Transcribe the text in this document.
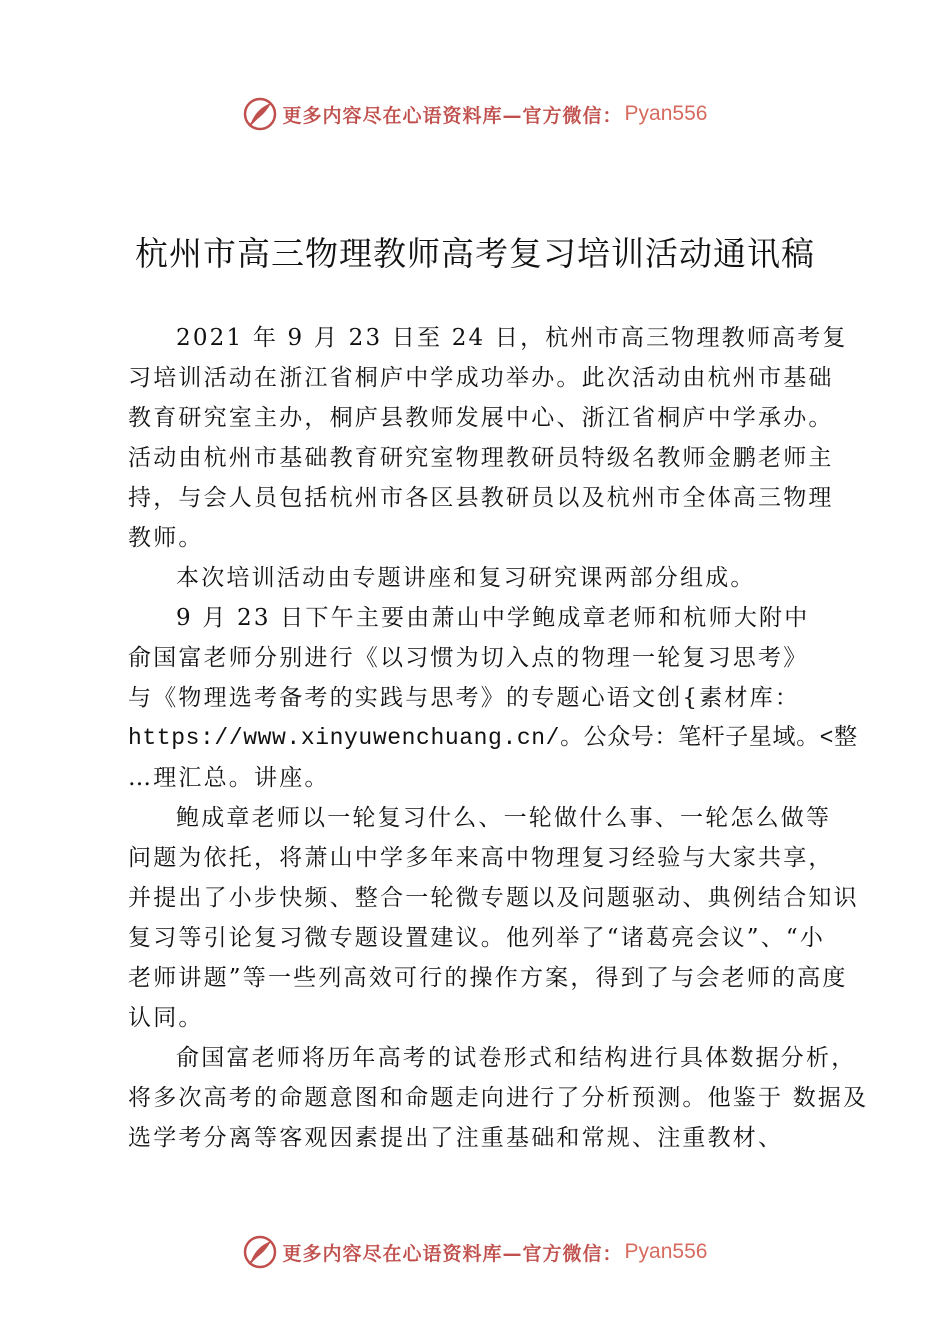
更多内容尽在心语资料库—官方微信： Pyan556
杭州市高三物理教师高考复习培训活动通讯稿
2021 年 9 月 23 日至 24 日，杭州市高三物理教师高考复
习培训活动在浙江省桐庐中学成功举办。此次活动由杭州市基础
教育研究室主办，桐庐县教师发展中心、浙江省桐庐中学承办。
活动由杭州市基础教育研究室物理教研员特级名教师金鹏老师主
持，与会人员包括杭州市各区县教研员以及杭州市全体高三物理
教师。
本次培训活动由专题讲座和复习研究课两部分组成。
9 月 23 日下午主要由萧山中学鲍成章老师和杭师大附中
俞国富老师分别进行《以习惯为切入点的物理一轮复习思考》
与《物理选考备考的实践与思考》的专题心语文创{素材库：
https://www.xinyuwenchuang.cn/。公众号：笔杆子星域。<整
…理汇总。讲座。
鲍成章老师以一轮复习什么、一轮做什么事、一轮怎么做等
问题为依托，将萧山中学多年来高中物理复习经验与大家共享，
并提出了小步快频、整合一轮微专题以及问题驱动、典例结合知识
复习等引论复习微专题设置建议。他列举了“诸葛亮会议”、“小
老师讲题”等一些列高效可行的操作方案，得到了与会老师的高度
认同。
俞国富老师将历年高考的试卷形式和结构进行具体数据分析，
将多次高考的命题意图和命题走向进行了分析预测。他鉴于 数据及
选学考分离等客观因素提出了注重基础和常规、注重教材、
更多内容尽在心语资料库—官方微信： Pyan556
